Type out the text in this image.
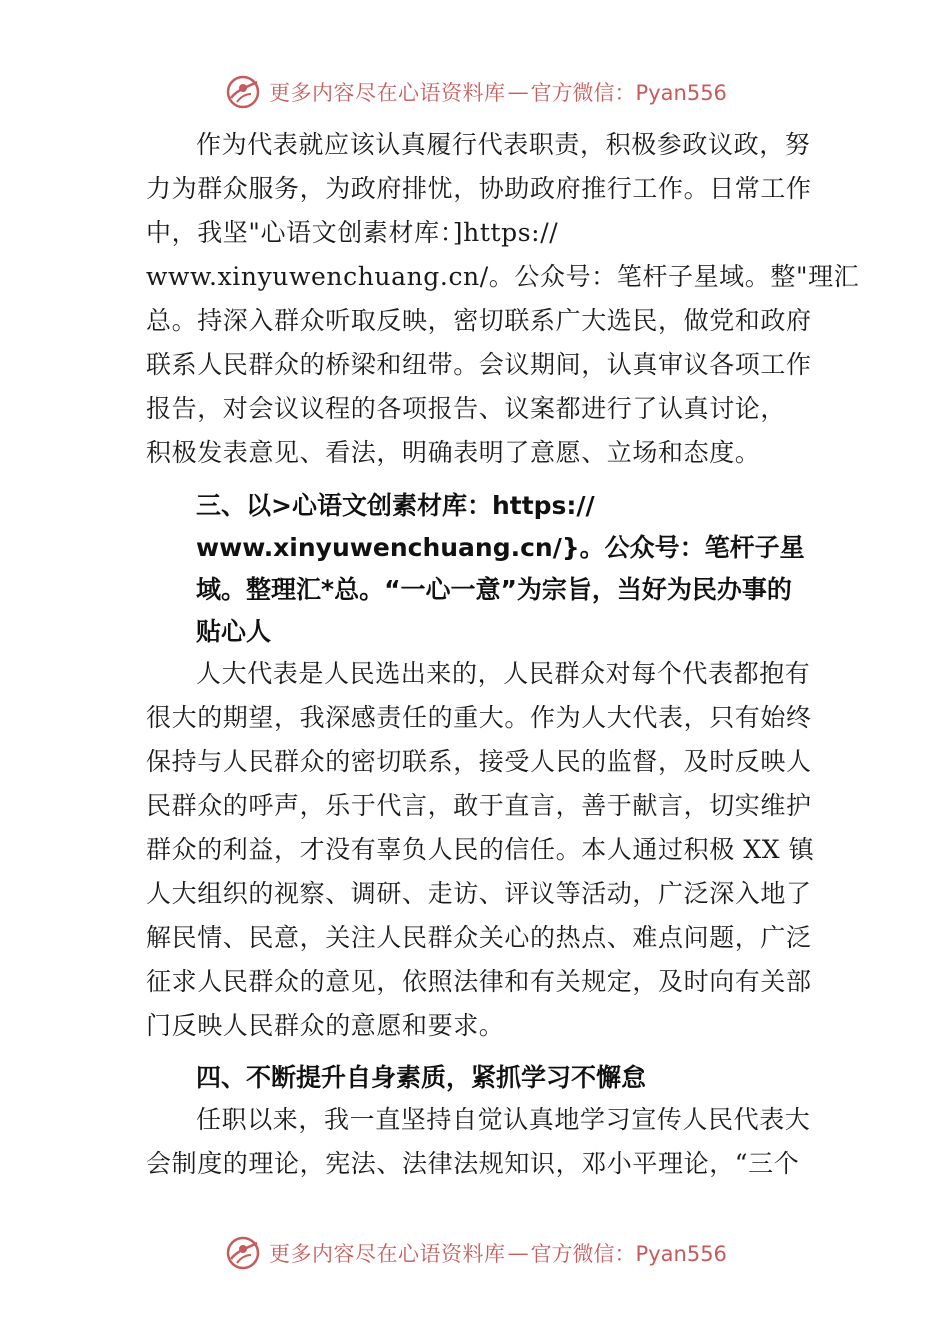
更多内容尽在心语资料库 — 官方微信：Pyan556
作为代表就应该认真履行代表职责，积极参政议政，努
力为群众服务，为政府排忧，协助政府推行工作。日常工作
中，我坚"心语文创素材库：]https://
www.xinyuwenchuang.cn/。公众号：笔杆子星域。整"理汇
总。持深入群众听取反映，密切联系广大选民，做党和政府
联系人民群众的桥梁和纽带。会议期间，认真审议各项工作
报告，对会议议程的各项报告、议案都进行了认真讨论，
积极发表意见、看法，明确表明了意愿、立场和态度。
三、以>心语文创素材库：https://
www.xinyuwenchuang.cn/}。公众号：笔杆子星
域。整理汇*总。“一心一意”为宗旨，当好为民办事的
贴心人
人大代表是人民选出来的，人民群众对每个代表都抱有
很大的期望，我深感责任的重大。作为人大代表，只有始终
保持与人民群众的密切联系，接受人民的监督，及时反映人
民群众的呼声，乐于代言，敢于直言，善于献言，切实维护
群众的利益，才没有辜负人民的信任。本人通过积极 XX 镇
人大组织的视察、调研、走访、评议等活动，广泛深入地了
解民情、民意，关注人民群众关心的热点、难点问题，广泛
征求人民群众的意见，依照法律和有关规定，及时向有关部
门反映人民群众的意愿和要求。
四、不断提升自身素质，紧抓学习不懈怠
任职以来，我一直坚持自觉认真地学习宣传人民代表大
会制度的理论，宪法、法律法规知识，邓小平理论，“三个
更多内容尽在心语资料库 — 官方微信：Pyan556
